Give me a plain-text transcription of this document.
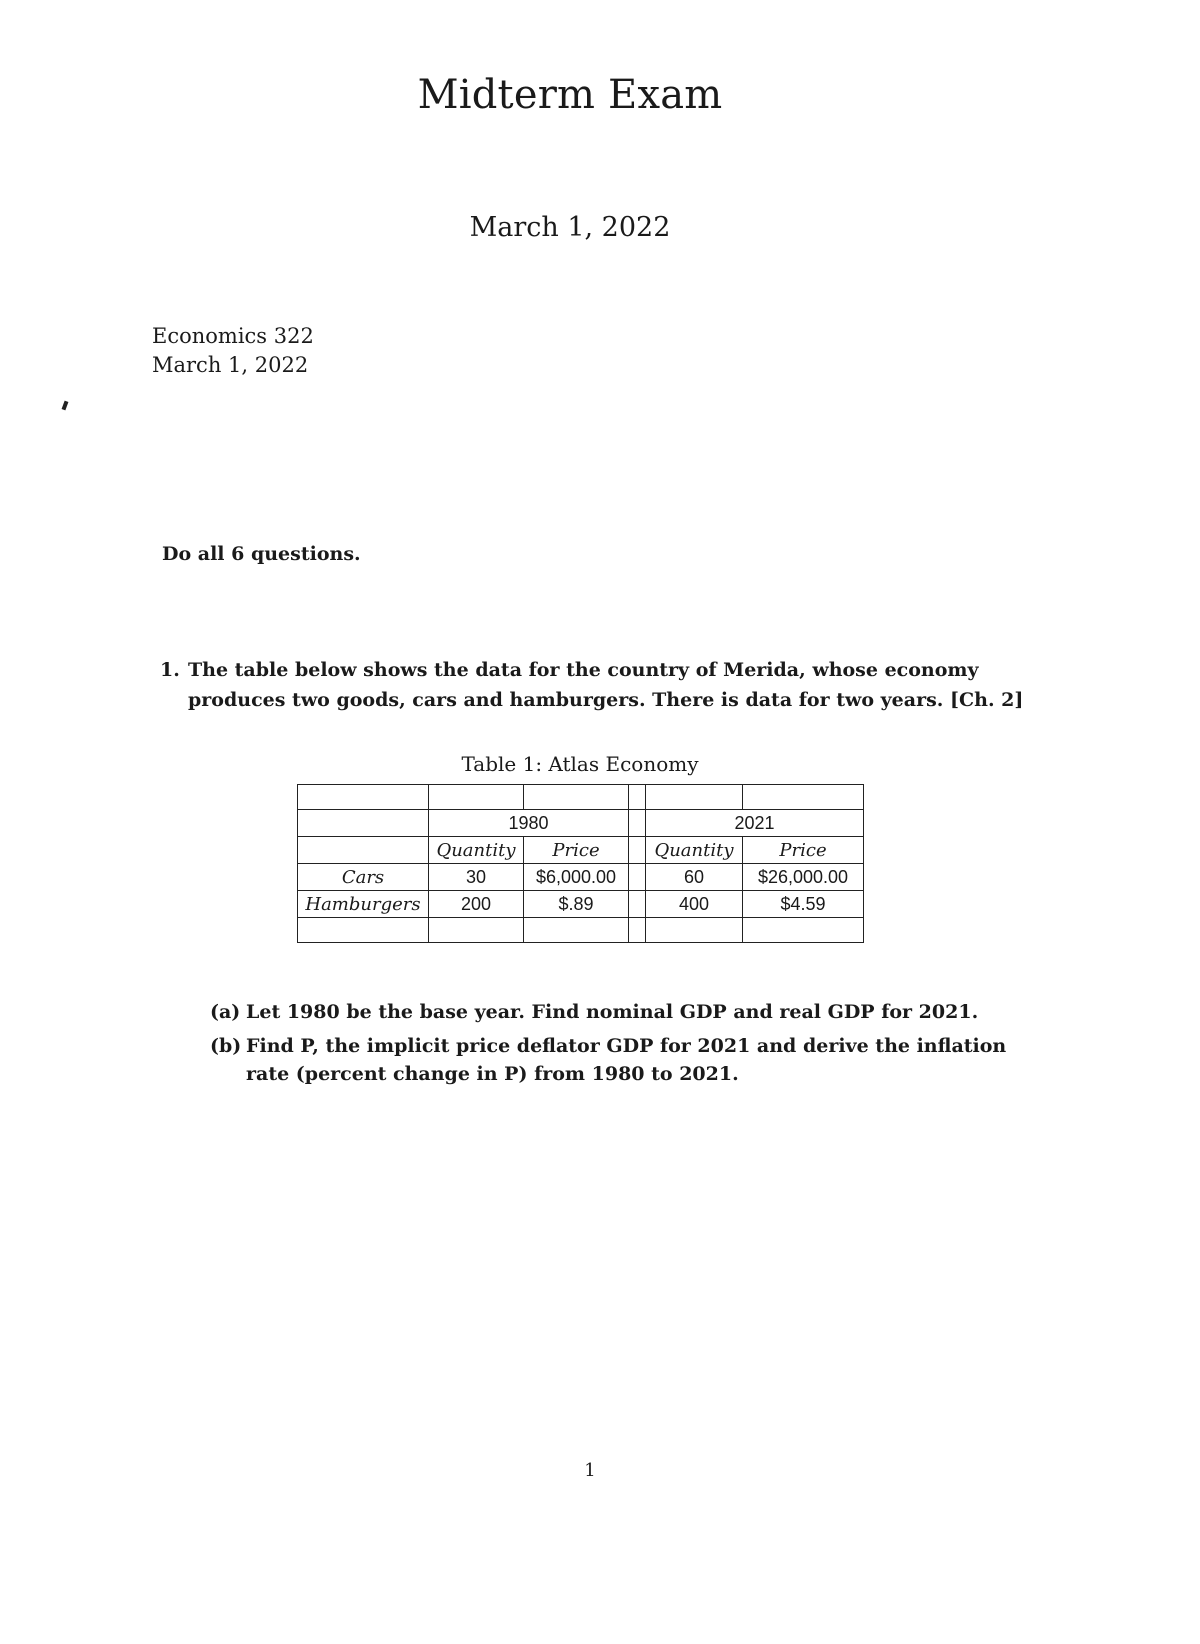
Midterm Exam
March 1, 2022
Economics 322
March 1, 2022
Do all 6 questions.
1. The table below shows the data for the country of Merida, whose economy produces two goods, cars and hamburgers. There is data for two years. [Ch. 2]
Table 1: Atlas Economy

	1980			2021	
	Quantity	Price		Quantity	Price
Cars	30	$6,000.00		60	$26,000.00
Hamburgers	200	$.89		400	$4.59

(a) Let 1980 be the base year. Find nominal GDP and real GDP for 2021.
(b) Find P, the implicit price deflator GDP for 2021 and derive the inflation rate (percent change in P) from 1980 to 2021.
1
